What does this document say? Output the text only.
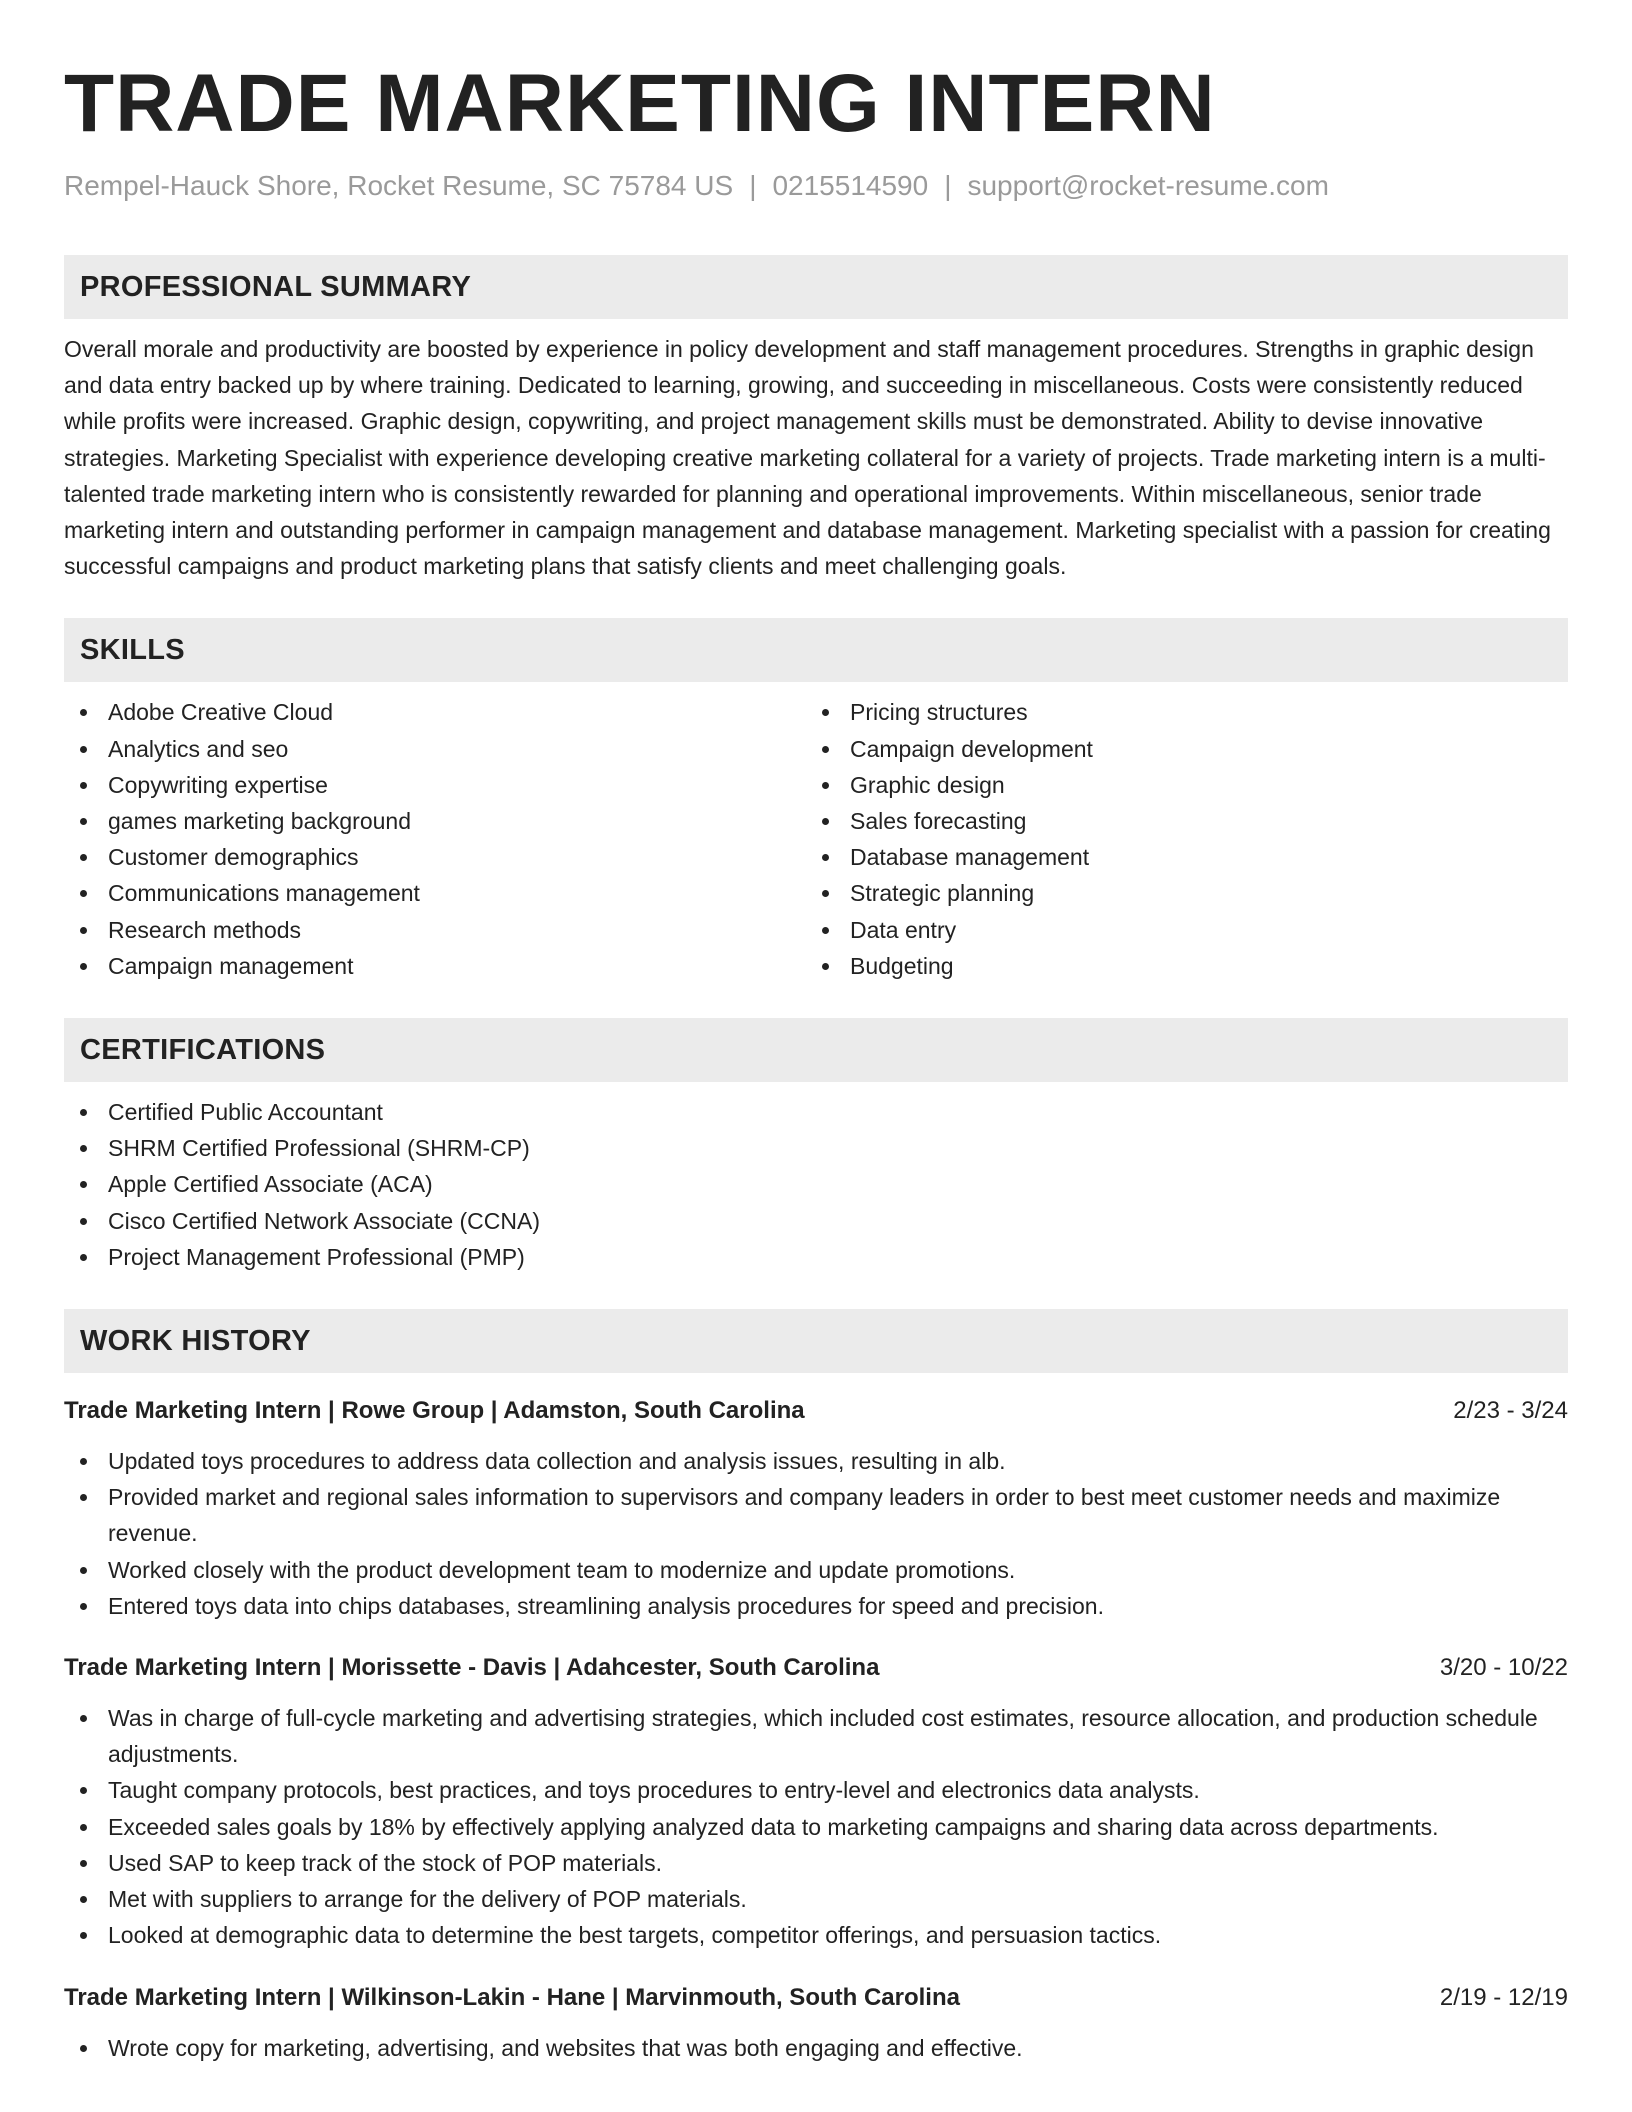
TRADE MARKETING INTERN
Rempel-Hauck Shore, Rocket Resume, SC 75784 US | 0215514590 | support@rocket-resume.com
PROFESSIONAL SUMMARY

Overall morale and productivity are boosted by experience in policy development and staff management procedures. Strengths in graphic design and data entry backed up by where training. Dedicated to learning, growing, and succeeding in miscellaneous. Costs were consistently reduced while profits were increased. Graphic design, copywriting, and project management skills must be demonstrated. Ability to devise innovative strategies. Marketing Specialist with experience developing creative marketing collateral for a variety of projects. Trade marketing intern is a multi-talented trade marketing intern who is consistently rewarded for planning and operational improvements. Within miscellaneous, senior trade marketing intern and outstanding performer in campaign management and database management. Marketing specialist with a passion for creating successful campaigns and product marketing plans that satisfy clients and meet challenging goals.

SKILLS
Adobe Creative Cloud
Analytics and seo
Copywriting expertise
games marketing background
Customer demographics
Communications management
Research methods
Campaign management
Pricing structures
Campaign development
Graphic design
Sales forecasting
Database management
Strategic planning
Data entry
Budgeting
CERTIFICATIONS
Certified Public Accountant
SHRM Certified Professional (SHRM-CP)
Apple Certified Associate (ACA)
Cisco Certified Network Associate (CCNA)
Project Management Professional (PMP)
WORK HISTORY
Trade Marketing Intern | Rowe Group | Adamston, South Carolina	2/23 - 3/24
Updated toys procedures to address data collection and analysis issues, resulting in alb.
Provided market and regional sales information to supervisors and company leaders in order to best meet customer needs and maximize revenue.
Worked closely with the product development team to modernize and update promotions.
Entered toys data into chips databases, streamlining analysis procedures for speed and precision.
Trade Marketing Intern | Morissette - Davis | Adahcester, South Carolina	3/20 - 10/22
Was in charge of full-cycle marketing and advertising strategies, which included cost estimates, resource allocation, and production schedule adjustments.
Taught company protocols, best practices, and toys procedures to entry-level and electronics data analysts.
Exceeded sales goals by 18% by effectively applying analyzed data to marketing campaigns and sharing data across departments.
Used SAP to keep track of the stock of POP materials.
Met with suppliers to arrange for the delivery of POP materials.
Looked at demographic data to determine the best targets, competitor offerings, and persuasion tactics.
Trade Marketing Intern | Wilkinson-Lakin - Hane | Marvinmouth, South Carolina	2/19 - 12/19
Wrote copy for marketing, advertising, and websites that was both engaging and effective.
